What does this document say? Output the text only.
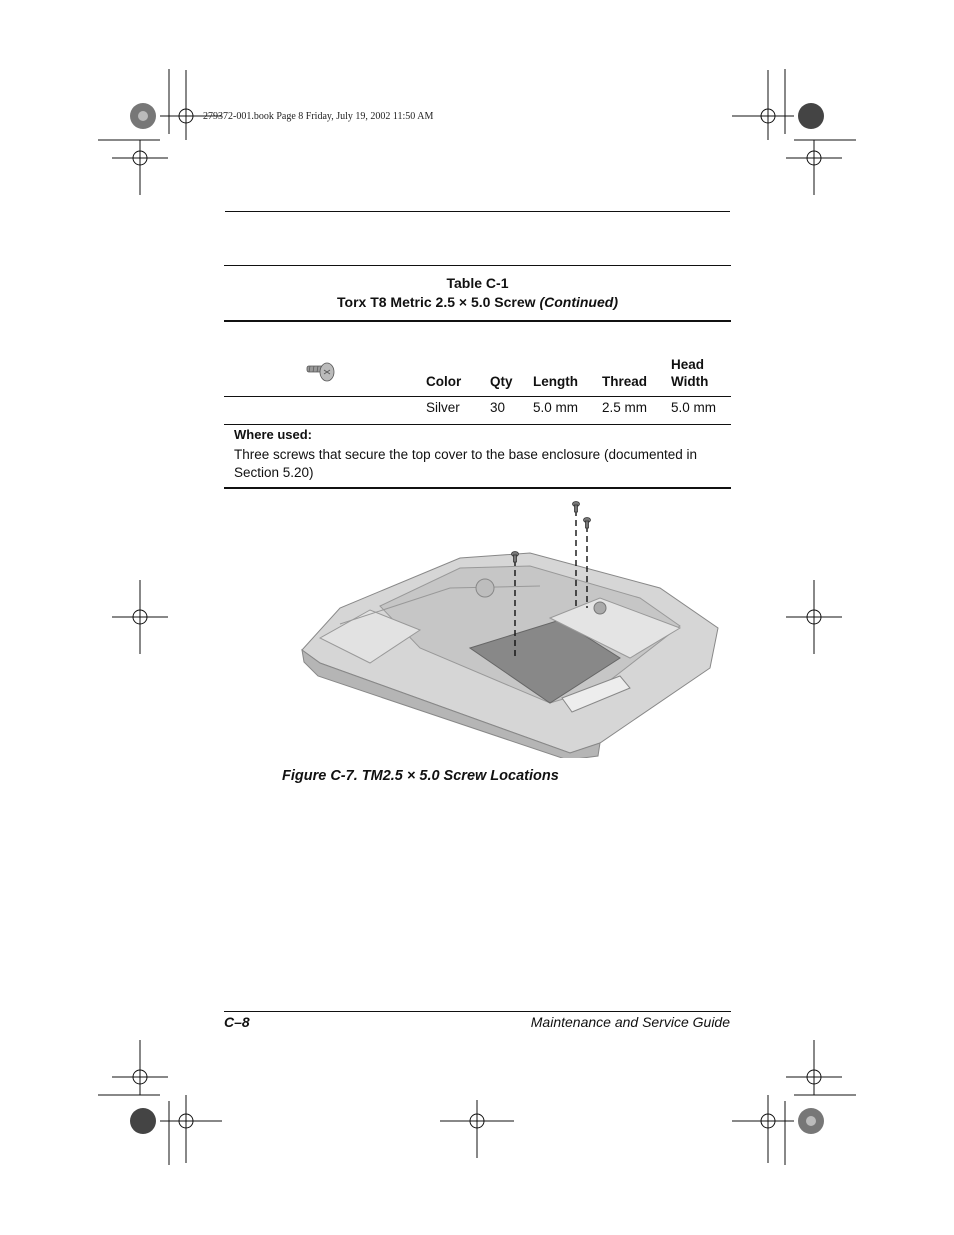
279372-001.book Page 8 Friday, July 19, 2002 11:50 AM
Table C-1
Torx T8 Metric 2.5 × 5.0 Screw (Continued)
Color Qty Length Thread
Head
Width
Silver 30 5.0 mm 2.5 mm 5.0 mm
Where used:
Three screws that secure the top cover to the base enclosure (documented in Section 5.20)
Figure C-7. TM2.5 × 5.0 Screw Locations
C–8	Maintenance and Service Guide
